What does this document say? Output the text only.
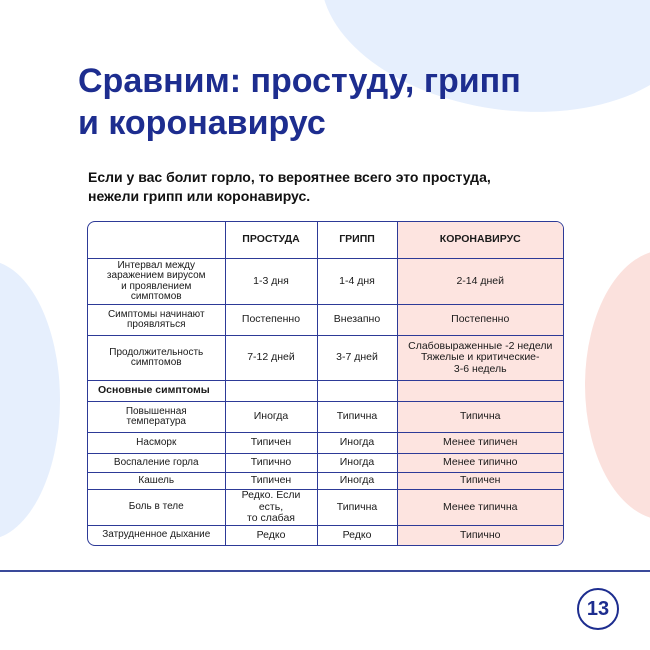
Сравним: простуду, грипп
и коронавирус
Если у вас болит горло, то вероятнее всего это простуда,
нежели грипп или коронавирус.
	ПРОСТУДА	ГРИПП	КОРОНАВИРУС
Интервал между
заражением вирусом
и проявлением
симптомов	1-3 дня	1-4 дня	2-14 дней
Симптомы начинают
проявляться	Постепенно	Внезапно	Постепенно
Продолжительность
симптомов	7-12 дней	3-7 дней	Слабовыраженные -2 недели
Тяжелые и критические-
3-6 недель
Основные симптомы			
Повышенная
температура	Иногда	Типична	Типична
Насморк	Типичен	Иногда	Менее типичен
Воспаление горла	Типично	Иногда	Менее типично
Кашель	Типичен	Иногда	Типичен
Боль в теле	Редко. Если есть,
то слабая	Типична	Менее типична
Затрудненное дыхание	Редко	Редко	Типично
13
